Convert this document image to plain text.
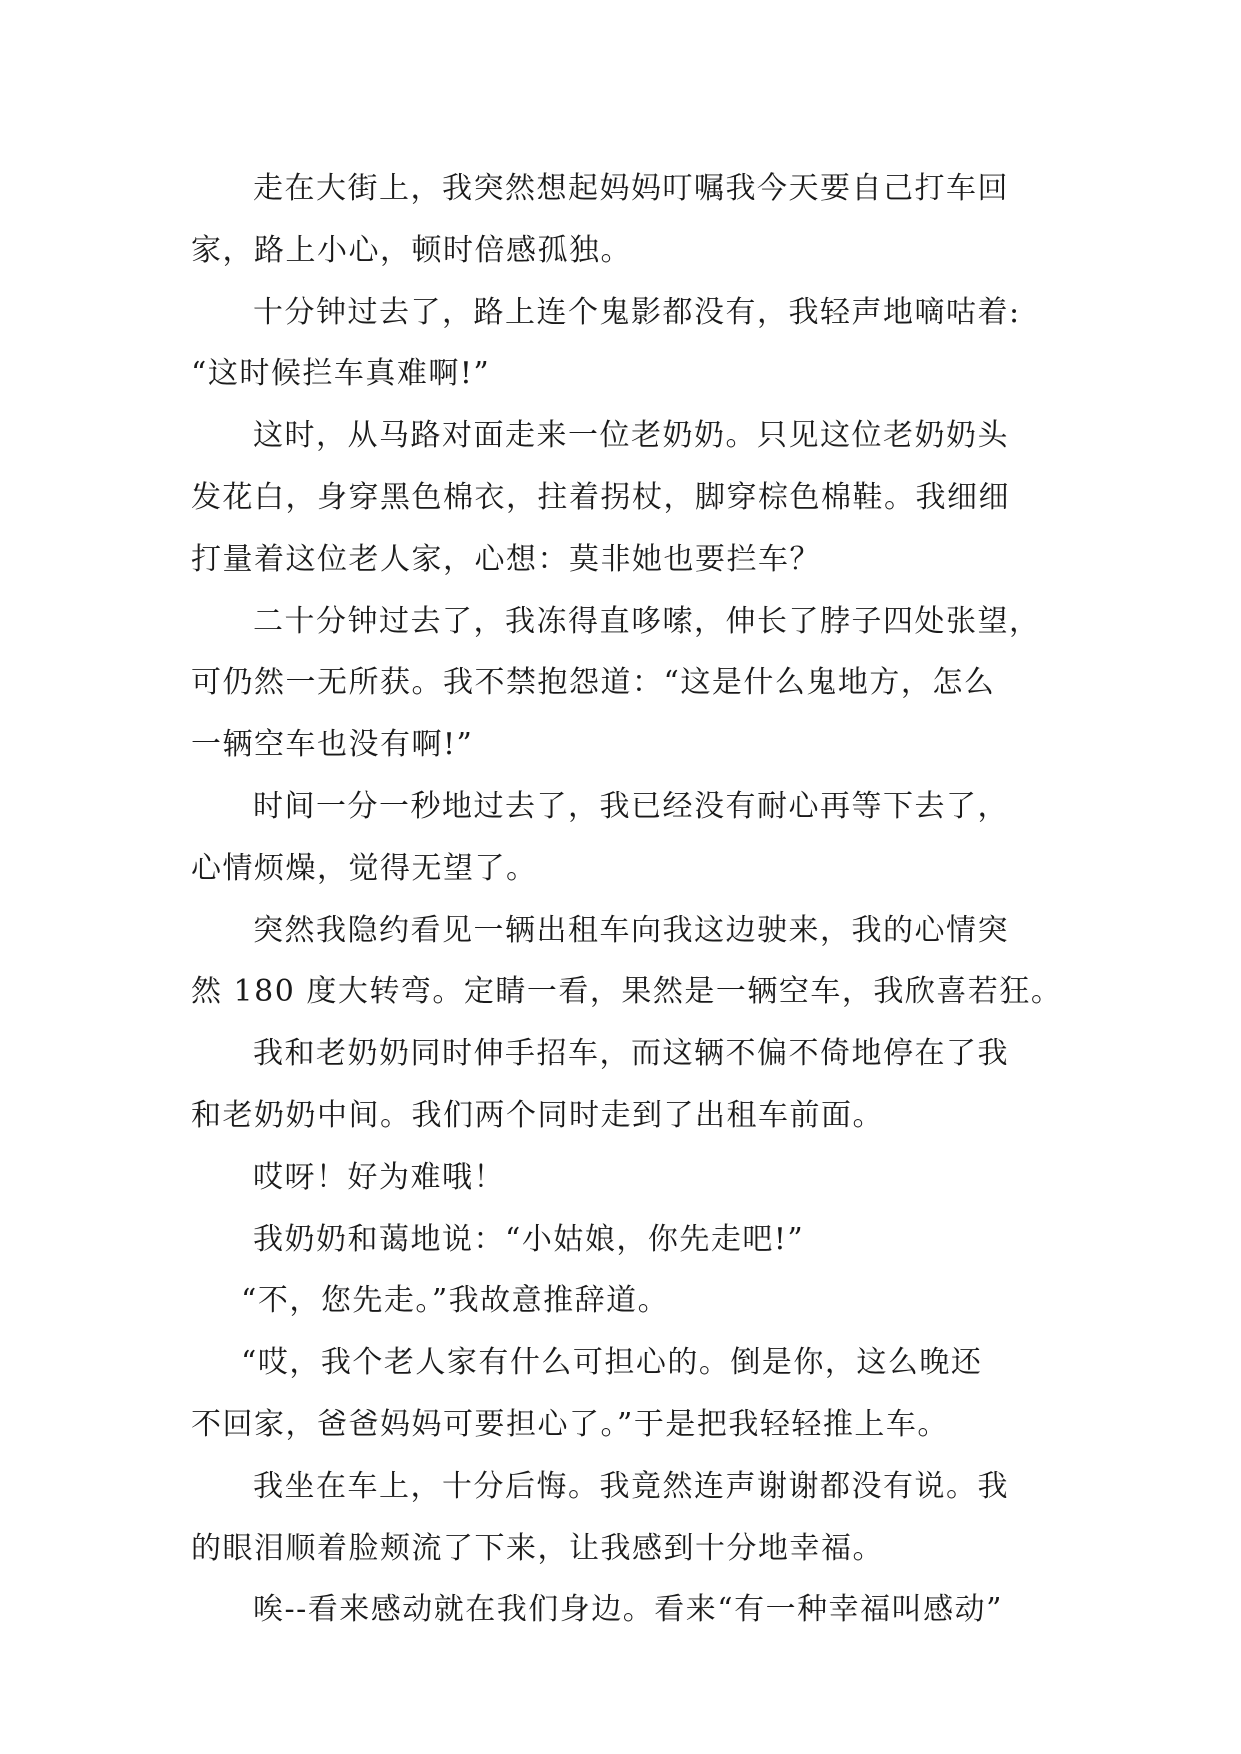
走在大街上，我突然想起妈妈叮嘱我今天要自己打车回
家，路上小心，顿时倍感孤独。
十分钟过去了，路上连个鬼影都没有，我轻声地嘀咕着:
“这时候拦车真难啊!”
这时，从马路对面走来一位老奶奶。只见这位老奶奶头
发花白，身穿黑色棉衣，拄着拐杖，脚穿棕色棉鞋。我细细
打量着这位老人家，心想：莫非她也要拦车？
二十分钟过去了，我冻得直哆嗦，伸长了脖子四处张望，
可仍然一无所获。我不禁抱怨道：“这是什么鬼地方，怎么
一辆空车也没有啊!”
时间一分一秒地过去了，我已经没有耐心再等下去了，
心情烦燥，觉得无望了。
突然我隐约看见一辆出租车向我这边驶来，我的心情突
然 180 度大转弯。定睛一看，果然是一辆空车，我欣喜若狂。
我和老奶奶同时伸手招车，而这辆不偏不倚地停在了我
和老奶奶中间。我们两个同时走到了出租车前面。
哎呀！好为难哦！
我奶奶和蔼地说：“小姑娘，你先走吧!”
“不，您先走。”我故意推辞道。
“哎，我个老人家有什么可担心的。倒是你，这么晚还
不回家，爸爸妈妈可要担心了。”于是把我轻轻推上车。
我坐在车上，十分后悔。我竟然连声谢谢都没有说。我
的眼泪顺着脸颊流了下来，让我感到十分地幸福。
唉--看来感动就在我们身边。看来“有一种幸福叫感动”
